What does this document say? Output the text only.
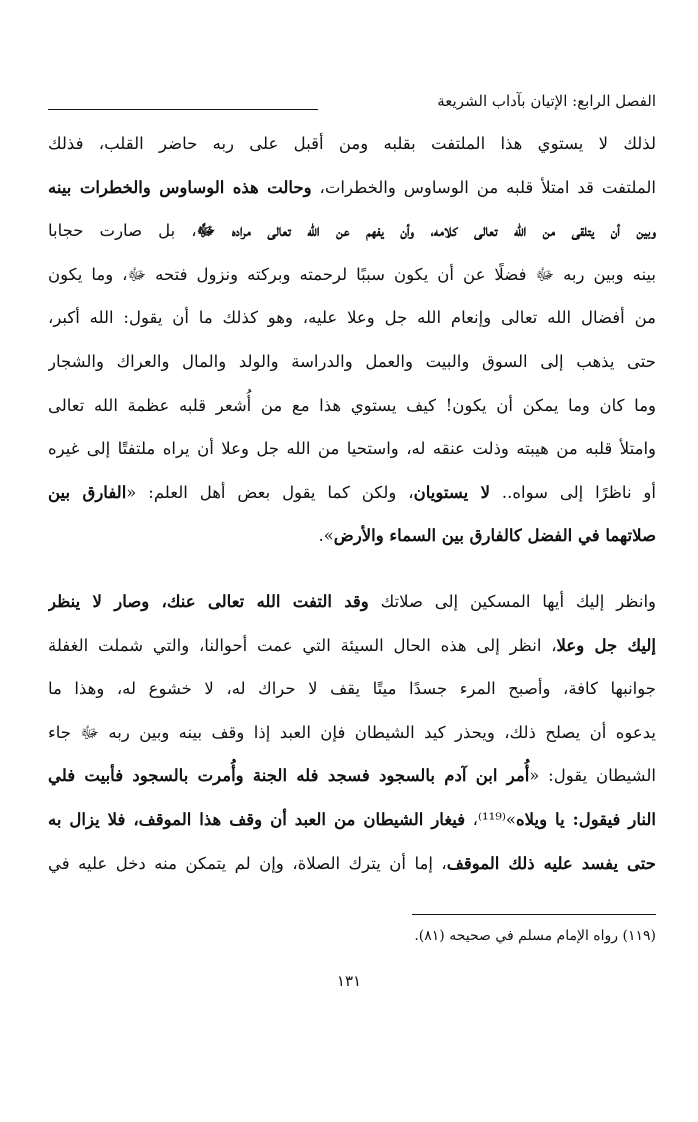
الفصل الرابع: الإتيان بآداب الشريعة
لذلك لا يستوي هذا الملتفت بقلبه ومن أقبل على ربه حاضر القلب، فذلك
الملتفت قد امتلأ قلبه من الوساوس والخطرات، وحالت هذه الوساوس والخطرات بينه
وبين أن يتلقى من الله تعالى كلامه، وأن يفهم عن الله تعالى مراده ﷻ، بل صارت حجابا
بينه وبين ربه ﷻ فضلًا عن أن يكون سببًا لرحمته وبركته ونزول فتحه ﷻ، وما يكون
من أفضال الله تعالى وإنعام الله جل وعلا عليه، وهو كذلك ما أن يقول: الله أكبر،
حتى يذهب إلى السوق والبيت والعمل والدراسة والولد والمال والعراك والشجار
وما كان وما يمكن أن يكون! كيف يستوي هذا مع من أُشعر قلبه عظمة الله تعالى
وامتلأ قلبه من هيبته وذلت عنقه له، واستحيا من الله جل وعلا أن يراه ملتفتًا إلى غيره
أو ناظرًا إلى سواه.. لا يستويان، ولكن كما يقول بعض أهل العلم: «الفارق بين
صلاتهما في الفضل كالفارق بين السماء والأرض».
وانظر إليك أيها المسكين إلى صلاتك وقد التفت الله تعالى عنك، وصار لا ينظر
إليك جل وعلا، انظر إلى هذه الحال السيئة التي عمت أحوالنا، والتي شملت الغفلة
جوانبها كافة، وأصبح المرء جسدًا ميتًا يقف لا حراك له، لا خشوع له، وهذا ما
يدعوه أن يصلح ذلك، ويحذر كيد الشيطان فإن العبد إذا وقف بينه وبين ربه ﷻ جاء
الشيطان يقول: «أُمر ابن آدم بالسجود فسجد فله الجنة وأُمرت بالسجود فأبيت فلي
النار فيقول: يا ويلاه»⁽¹¹⁹⁾، فيغار الشيطان من العبد أن وقف هذا الموقف، فلا يزال به
حتى يفسد عليه ذلك الموقف، إما أن يترك الصلاة، وإن لم يتمكن منه دخل عليه في
(١١٩) رواه الإمام مسلم في صحيحه (٨١).
١٣١
